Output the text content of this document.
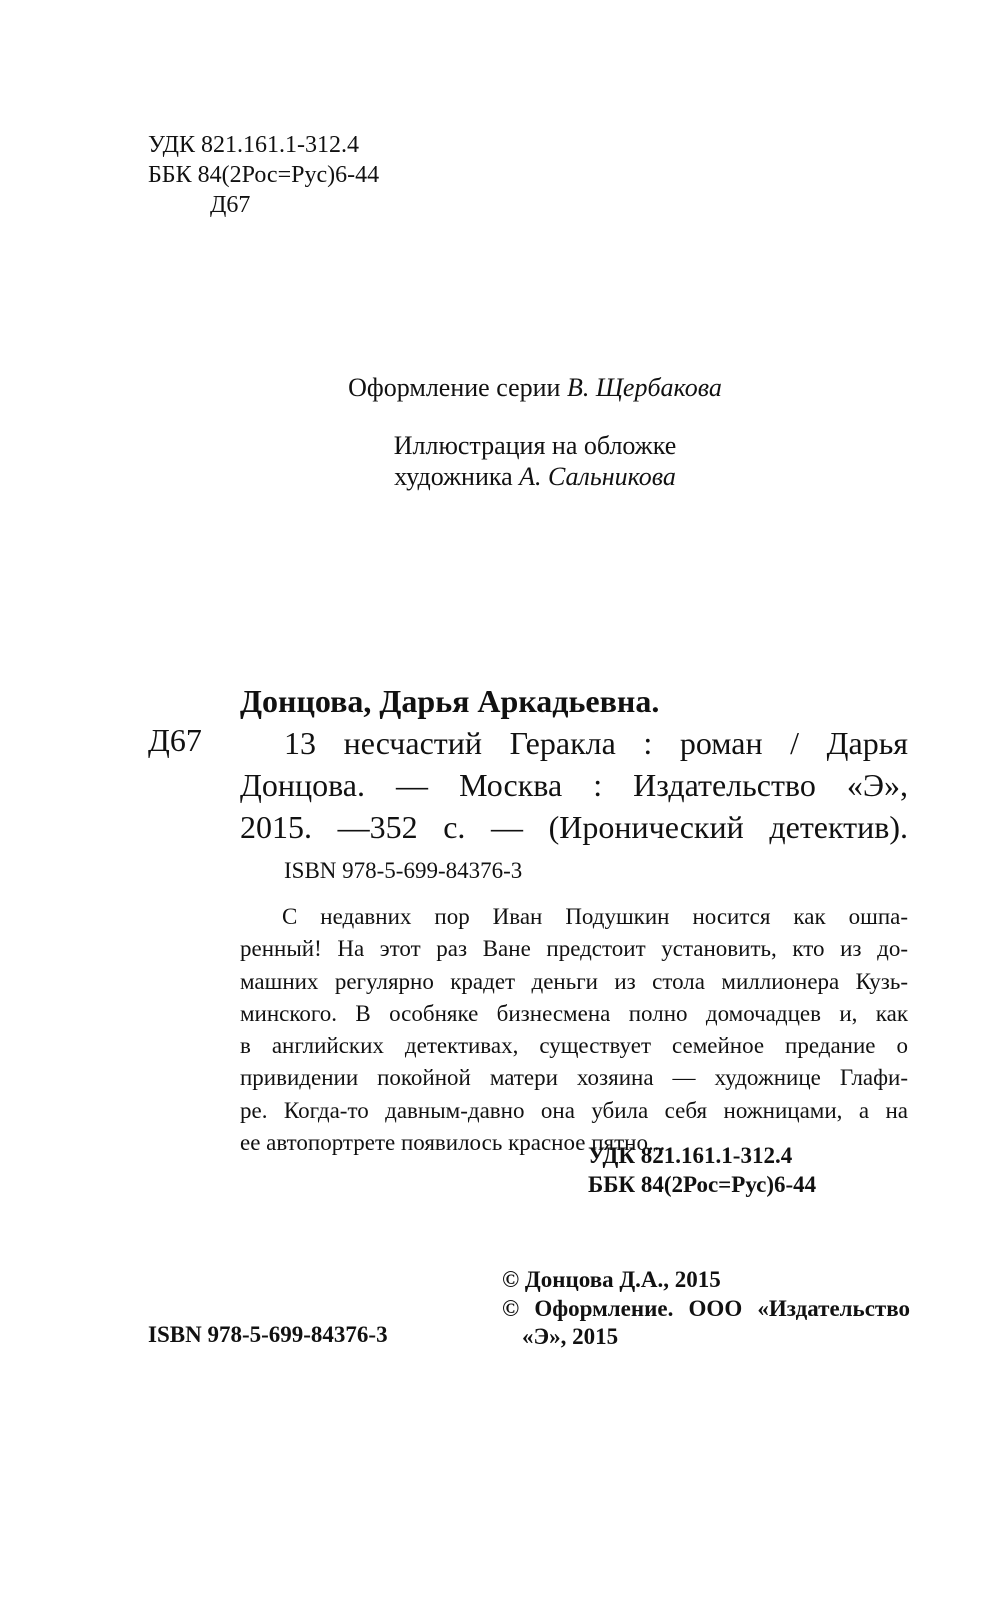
УДК 821.161.1-312.4
ББК 84(2Рос=Рус)6-44
Д67
Оформление серии В. Щербакова
Иллюстрация на обложке
художника А. Сальникова
Донцова, Дарья Аркадьевна.
Д67	13 несчастий Геракла : роман / Дарья
Донцова. — Москва : Издательство «Э»,
2015. —352 с. — (Иронический детектив).
ISBN 978-5-699-84376-3
С недавних пор Иван Подушкин носится как ошпа-
ренный! На этот раз Ване предстоит установить, кто из до-
машних регулярно крадет деньги из стола миллионера Кузь-
минского. В особняке бизнесмена полно домочадцев и, как
в английских детективах, существует семейное предание о
привидении покойной матери хозяина — художнице Глафи-
ре. Когда-то давным-давно она убила себя ножницами, а на
ее автопортрете появилось красное пятно...
УДК 821.161.1-312.4
ББК 84(2Рос=Рус)6-44
© Донцова Д.А., 2015
© Оформление. ООО «Издательство
«Э», 2015
ISBN 978-5-699-84376-3
